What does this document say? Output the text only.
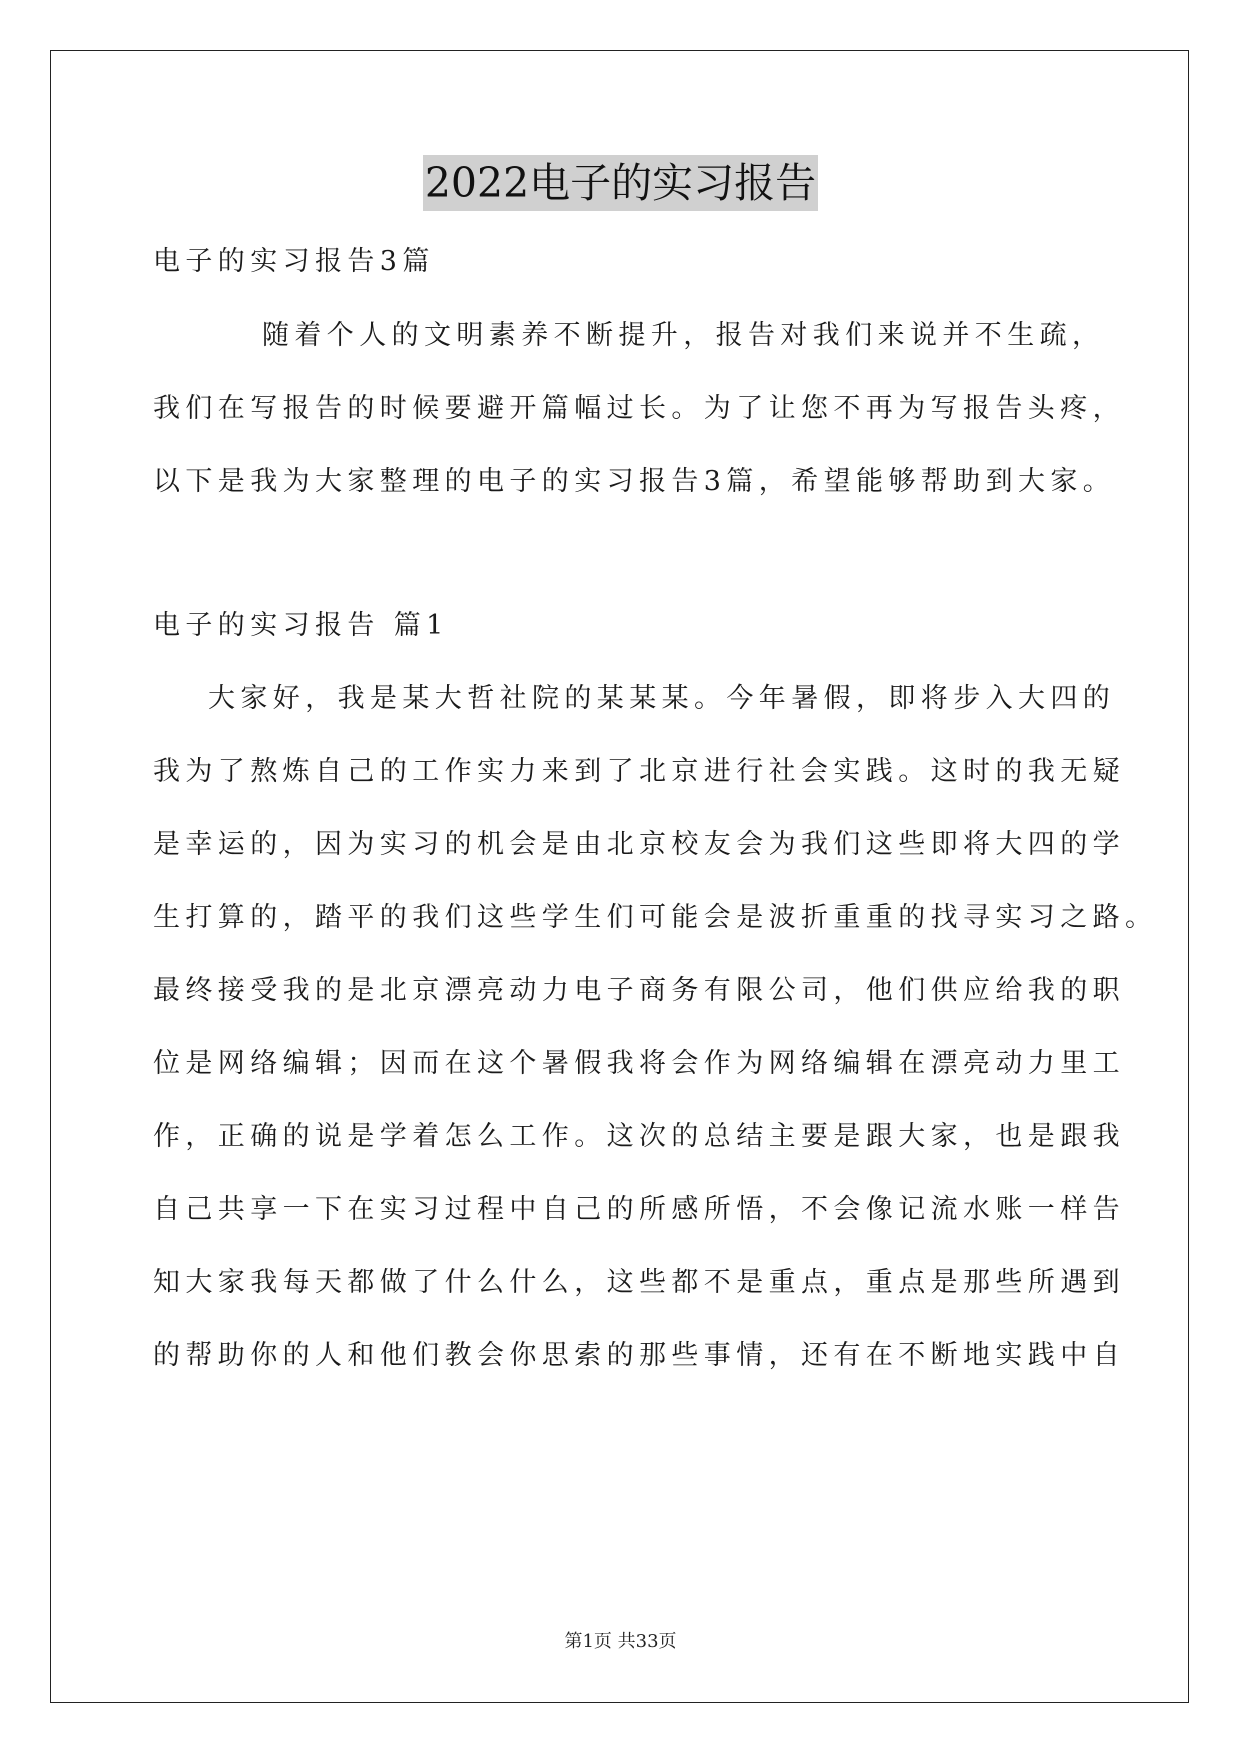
2022电子的实习报告
电子的实习报告3篇
随着个人的文明素养不断提升，报告对我们来说并不生疏，
我们在写报告的时候要避开篇幅过长。为了让您不再为写报告头疼，
以下是我为大家整理的电子的实习报告3篇，希望能够帮助到大家。
电子的实习报告 篇1
大家好，我是某大哲社院的某某某。今年暑假，即将步入大四的
我为了熬炼自己的工作实力来到了北京进行社会实践。这时的我无疑
是幸运的，因为实习的机会是由北京校友会为我们这些即将大四的学
生打算的，踏平的我们这些学生们可能会是波折重重的找寻实习之路。
最终接受我的是北京漂亮动力电子商务有限公司，他们供应给我的职
位是网络编辑；因而在这个暑假我将会作为网络编辑在漂亮动力里工
作，正确的说是学着怎么工作。这次的总结主要是跟大家，也是跟我
自己共享一下在实习过程中自己的所感所悟，不会像记流水账一样告
知大家我每天都做了什么什么，这些都不是重点，重点是那些所遇到
的帮助你的人和他们教会你思索的那些事情，还有在不断地实践中自
第1页 共33页
